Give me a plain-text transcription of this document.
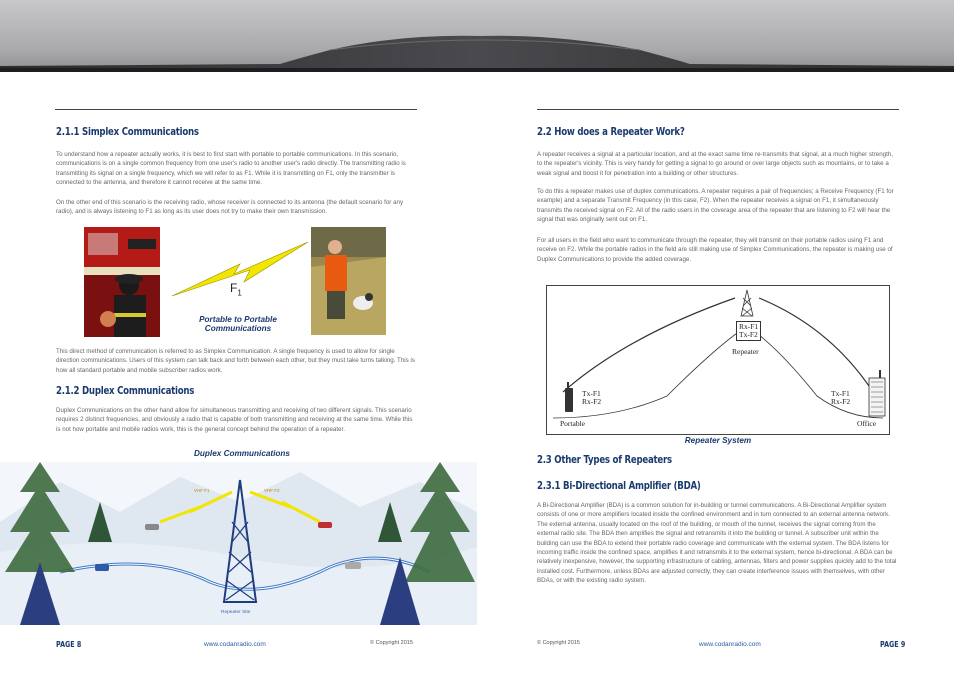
2.1.1 Simplex Communications

To understand how a repeater actually works, it is best to first start with portable to portable communications. In this scenario, communications is on a single common frequency from one user's radio to another user's radio directly. The transmitting radio is transmitting its signal on a single frequency, which we will refer to as F1. While it is transmitting on F1, only the transmitter is connected to the antenna, and therefore it cannot receive at the same time.

On the other end of this scenario is the receiving radio, whose receiver is connected to its antenna (the default scenario for any radio), and is always listening to F1 as long as its user does not try to make their own transmission.

$F_1$
Portable to Portable Communications

This direct method of communication is referred to as Simplex Communication. A single frequency is used to allow for single direction communications. Users of this system can talk back and forth between each other, but they must take turns talking. This is how all standard portable and mobile subscriber radios work.

2.1.2 Duplex Communications

Duplex Communications on the other hand allow for simultaneous transmitting and receiving of two different signals. This scenario requires 2 distinct frequencies, and obviously a radio that is capable of both transmitting and receiving at the same time. While this is not how portable and mobile radios work, this is the general concept behind the operation of a repeater.

Duplex Communications
VHF F1	VHF F2
Repeater Site
PAGE 8	www.codanradio.com	© Copyright 2015
2.2 How does a Repeater Work?

A repeater receives a signal at a particular location, and at the exact same time re-transmits that signal, at a much higher strength, to the repeater's vicinity. This is very handy for getting a signal to go around or over large objects such as mountains, or to take a weak signal and boost it for penetration into a building or other structures.

To do this a repeater makes use of duplex communications. A repeater requires a pair of frequencies; a Receive Frequency (F1 for example) and a separate Transmit Frequency (in this case, F2). When the repeater receives a signal on F1, it simultaneously transmits the received signal on F2. All of the radio users in the coverage area of the repeater that are listening to F2 will hear the signal that was originally sent out on F1.

For all users in the field who want to communicate through the repeater, they will transmit on their portable radios using F1 and receive on F2. While the portable radios in the field are still making use of Simplex Communications, the repeater is making use of Duplex Communications to provide the added coverage.

Rx-F1
Tx-F2
Repeater
Tx-F1
Rx-F2
Portable
Tx-F1
Rx-F2
Office
Repeater System
2.3 Other Types of Repeaters
2.3.1 Bi-Directional Amplifier (BDA)

A Bi-Directional Amplifier (BDA) is a common solution for in-building or tunnel communications. A Bi-Directional Amplifier system consists of one or more amplifiers located inside the confined environment and in turn connected to an external antenna network. The external antenna, usually located on the roof of the building, or mouth of the tunnel, receives the signal coming from the external radio site. The BDA then amplifies the signal and retransmits it into the building or tunnel. A subscriber unit within the building can use the BDA to extend their portable radio coverage and communicate with the external system. The BDA listens for incoming traffic inside the confined space, amplifies it and retransmits it to the external system, hence bi-directional. A BDA can be relatively inexpensive, however, the supporting infrastructure of cabling, antennas, filters and power supplies quickly add to the total installed cost. Furthermore, unless BDAs are adjusted correctly, they can create interference issues with themselves, with other BDAs, or with the existing radio system.

© Copyright 2015	www.codanradio.com	PAGE 9
